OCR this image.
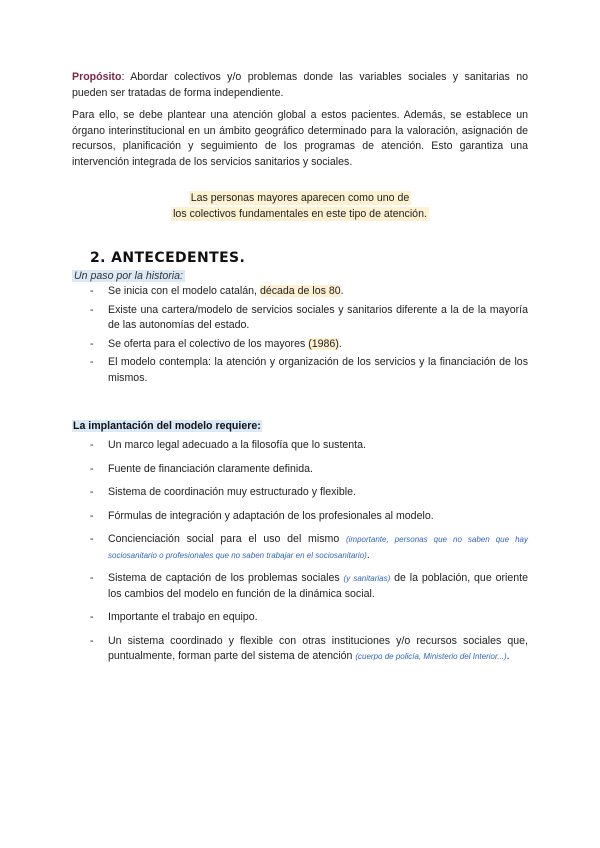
Propósito: Abordar colectivos y/o problemas donde las variables sociales y sanitarias no pueden ser tratadas de forma independiente.

Para ello, se debe plantear una atención global a estos pacientes. Además, se establece un órgano interinstitucional en un ámbito geográfico determinado para la valoración, asignación de recursos, planificación y seguimiento de los programas de atención. Esto garantiza una intervención integrada de los servicios sanitarios y sociales.

Las personas mayores aparecen como uno de
los colectivos fundamentales en este tipo de atención.
2. ANTECEDENTES.
Un paso por la historia:
- Se inicia con el modelo catalán, década de los 80.
- Existe una cartera/modelo de servicios sociales y sanitarios diferente a la de la mayoría de las autonomías del estado.
- Se oferta para el colectivo de los mayores (1986).
- El modelo contempla: la atención y organización de los servicios y la financiación de los mismos.
La implantación del modelo requiere:
- Un marco legal adecuado a la filosofía que lo sustenta.
- Fuente de financiación claramente definida.
- Sistema de coordinación muy estructurado y flexible.
- Fórmulas de integración y adaptación de los profesionales al modelo.
- Concienciación social para el uso del mismo (importante, personas que no saben que hay sociosanitario o profesionales que no saben trabajar en el sociosanitario).
- Sistema de captación de los problemas sociales (y sanitarias) de la población, que oriente los cambios del modelo en función de la dinámica social.
- Importante el trabajo en equipo.
- Un sistema coordinado y flexible con otras instituciones y/o recursos sociales que, puntualmente, forman parte del sistema de atención (cuerpo de policía, Ministerio del Interior...).
